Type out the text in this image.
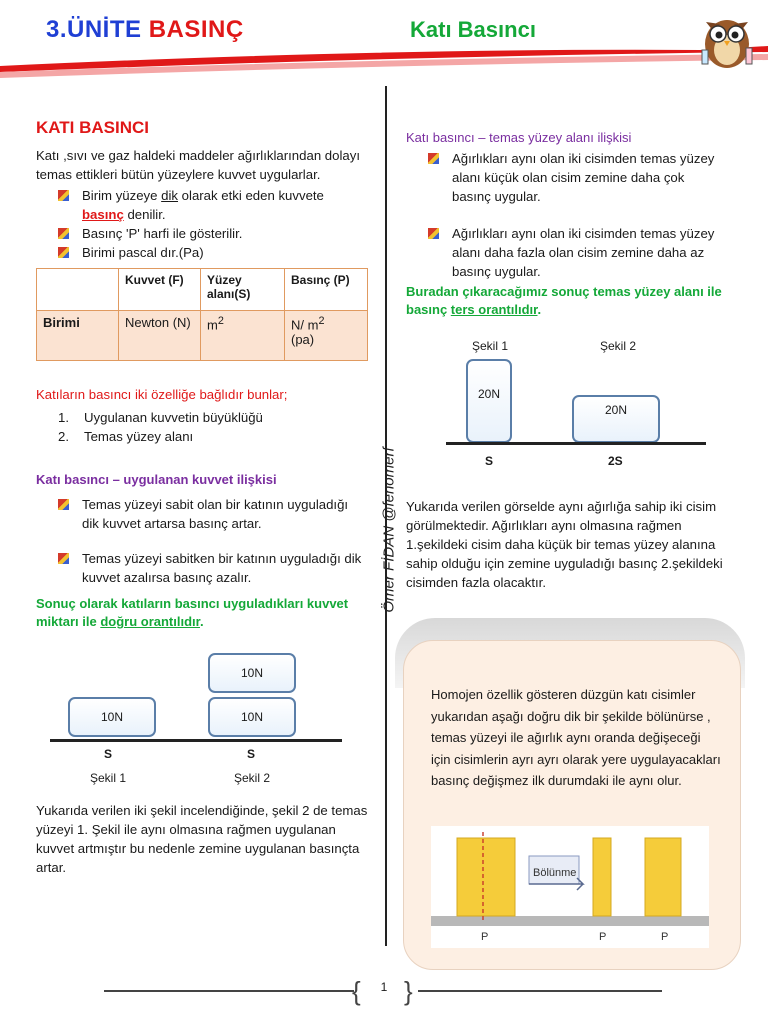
3.ÜNİTE BASINÇ	Katı Basıncı
Ömer FİDAN @fenomerf
KATI BASINCI

Katı ,sıvı ve gaz haldeki maddeler ağırlıklarından dolayı temas ettikleri bütün yüzeylere kuvvet uygularlar.

Birim yüzeye dik olarak etki eden kuvvete basınç denilir.
Basınç 'P' harfi ile gösterilir.
Birimi pascal dır.(Pa)
	Kuvvet (F)	Yüzey alanı(S)	Basınç (P)
Birimi	Newton (N)	$m^2$	N/ $m^2$
(pa)
Katıların basıncı iki özelliğe bağlıdır bunlar;
1. Uygulanan kuvvetin büyüklüğü
2. Temas yüzey alanı
Katı basıncı – uygulanan kuvvet ilişkisi
Temas yüzeyi sabit olan bir katının uyguladığı dik kuvvet artarsa basınç artar.
Temas yüzeyi sabitken bir katının uyguladığı dik kuvvet azalırsa basınç azalır.
Sonuç olarak katıların basıncı uyguladıkları kuvvet miktarı ile doğru orantılıdır.
10N
10N
10N
S	S
Şekil 1	Şekil 2

Yukarıda verilen iki şekil incelendiğinde, şekil 2 de temas yüzeyi 1. Şekil ile aynı olmasına rağmen uygulanan kuvvet artmıştır bu nedenle zemine uygulanan basınçta artar.

Katı basıncı – temas yüzey alanı ilişkisi
Ağırlıkları aynı olan iki cisimden temas yüzey alanı küçük olan cisim zemine daha çok basınç uygular.
Ağırlıkları aynı olan iki cisimden temas yüzey alanı daha fazla olan cisim zemine daha az basınç uygular.
Buradan çıkaracağımız sonuç temas yüzey alanı ile basınç ters orantılıdır.
Şekil 1	Şekil 2
20N
20N
S	2S

Yukarıda verilen görselde aynı ağırlığa sahip iki cisim görülmektedir. Ağırlıkları aynı olmasına rağmen 1.şekildeki cisim daha küçük bir temas yüzey alanına sahip olduğu için zemine uyguladığı basınç 2.şekildeki cisimden fazla olacaktır.

Homojen özellik gösteren düzgün katı cisimler yukarıdan aşağı doğru dik bir şekilde bölünürse , temas yüzeyi ile ağırlık aynı oranda değişeceği için cisimlerin ayrı ayrı olarak yere uygulayacakları basınç değişmez ilk durumdaki ile aynı olur.

Bölünme
P	P	P
{	1 }
